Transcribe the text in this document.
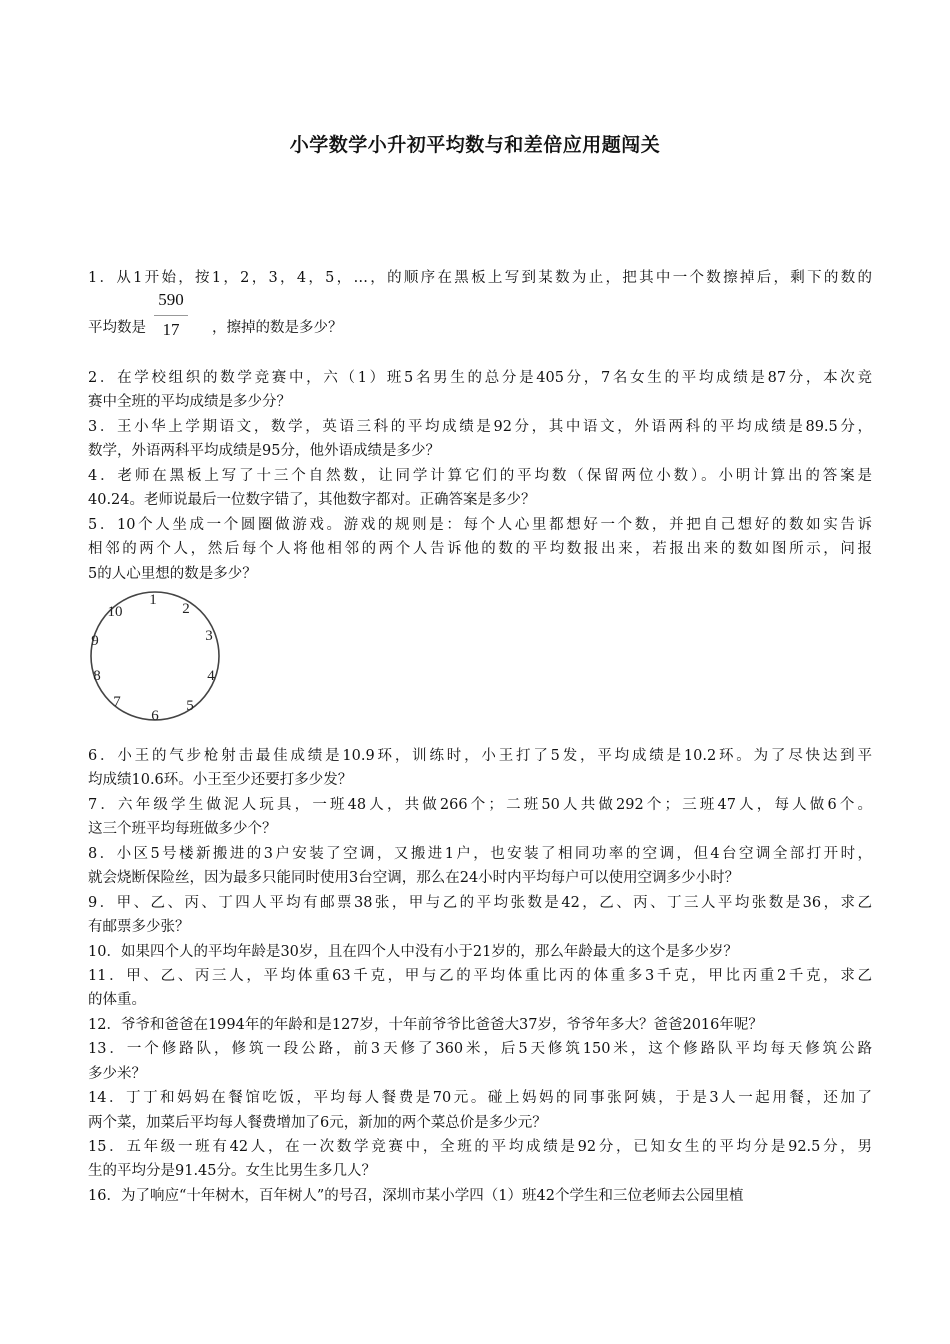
小学数学小升初平均数与和差倍应用题闯关
1．从1开始，按1，2，3，4，5，…，的顺序在黑板上写到某数为止，把其中一个数擦掉后，剩下的数的
$\frac{590}{17}$
平均数是	，擦掉的数是多少？
2．在学校组织的数学竞赛中，六（1）班5名男生的总分是405分，7名女生的平均成绩是87分，本次竞
赛中全班的平均成绩是多少分？
3．王小华上学期语文，数学，英语三科的平均成绩是92分，其中语文，外语两科的平均成绩是89.5分，
数学，外语两科平均成绩是95分，他外语成绩是多少？
4．老师在黑板上写了十三个自然数，让同学计算它们的平均数（保留两位小数）。小明计算出的答案是
40.24。老师说最后一位数字错了，其他数字都对。正确答案是多少？
5．10个人坐成一个圆圈做游戏。游戏的规则是：每个人心里都想好一个数，并把自己想好的数如实告诉
相邻的两个人，然后每个人将他相邻的两个人告诉他的数的平均数报出来，若报出来的数如图所示，问报
5的人心里想的数是多少？
1
2
3
4
5
6
7
8
9
10
6．小王的气步枪射击最佳成绩是10.9环，训练时，小王打了5发，平均成绩是10.2环。为了尽快达到平
均成绩10.6环。小王至少还要打多少发？
7．六年级学生做泥人玩具，一班48人，共做266个；二班50人共做292个；三班47人，每人做6个。
这三个班平均每班做多少个？
8．小区5号楼新搬进的3户安装了空调，又搬进1户，也安装了相同功率的空调，但4台空调全部打开时，
就会烧断保险丝，因为最多只能同时使用3台空调，那么在24小时内平均每户可以使用空调多少小时？
9．甲、乙、丙、丁四人平均有邮票38张，甲与乙的平均张数是42，乙、丙、丁三人平均张数是36，求乙
有邮票多少张？
10．如果四个人的平均年龄是30岁，且在四个人中没有小于21岁的，那么年龄最大的这个是多少岁？
11．甲、乙、丙三人，平均体重63千克，甲与乙的平均体重比丙的体重多3千克，甲比丙重2千克，求乙
的体重。
12．爷爷和爸爸在1994年的年龄和是127岁，十年前爷爷比爸爸大37岁，爷爷年多大？爸爸2016年呢？
13．一个修路队，修筑一段公路，前3天修了360米，后5天修筑150米，这个修路队平均每天修筑公路
多少米？
14．丁丁和妈妈在餐馆吃饭，平均每人餐费是70元。碰上妈妈的同事张阿姨，于是3人一起用餐，还加了
两个菜，加菜后平均每人餐费增加了6元，新加的两个菜总价是多少元？
15．五年级一班有42人，在一次数学竞赛中，全班的平均成绩是92分，已知女生的平均分是92.5分，男
生的平均分是91.45分。女生比男生多几人？
16．为了响应“十年树木，百年树人”的号召，深圳市某小学四（1）班42个学生和三位老师去公园里植
